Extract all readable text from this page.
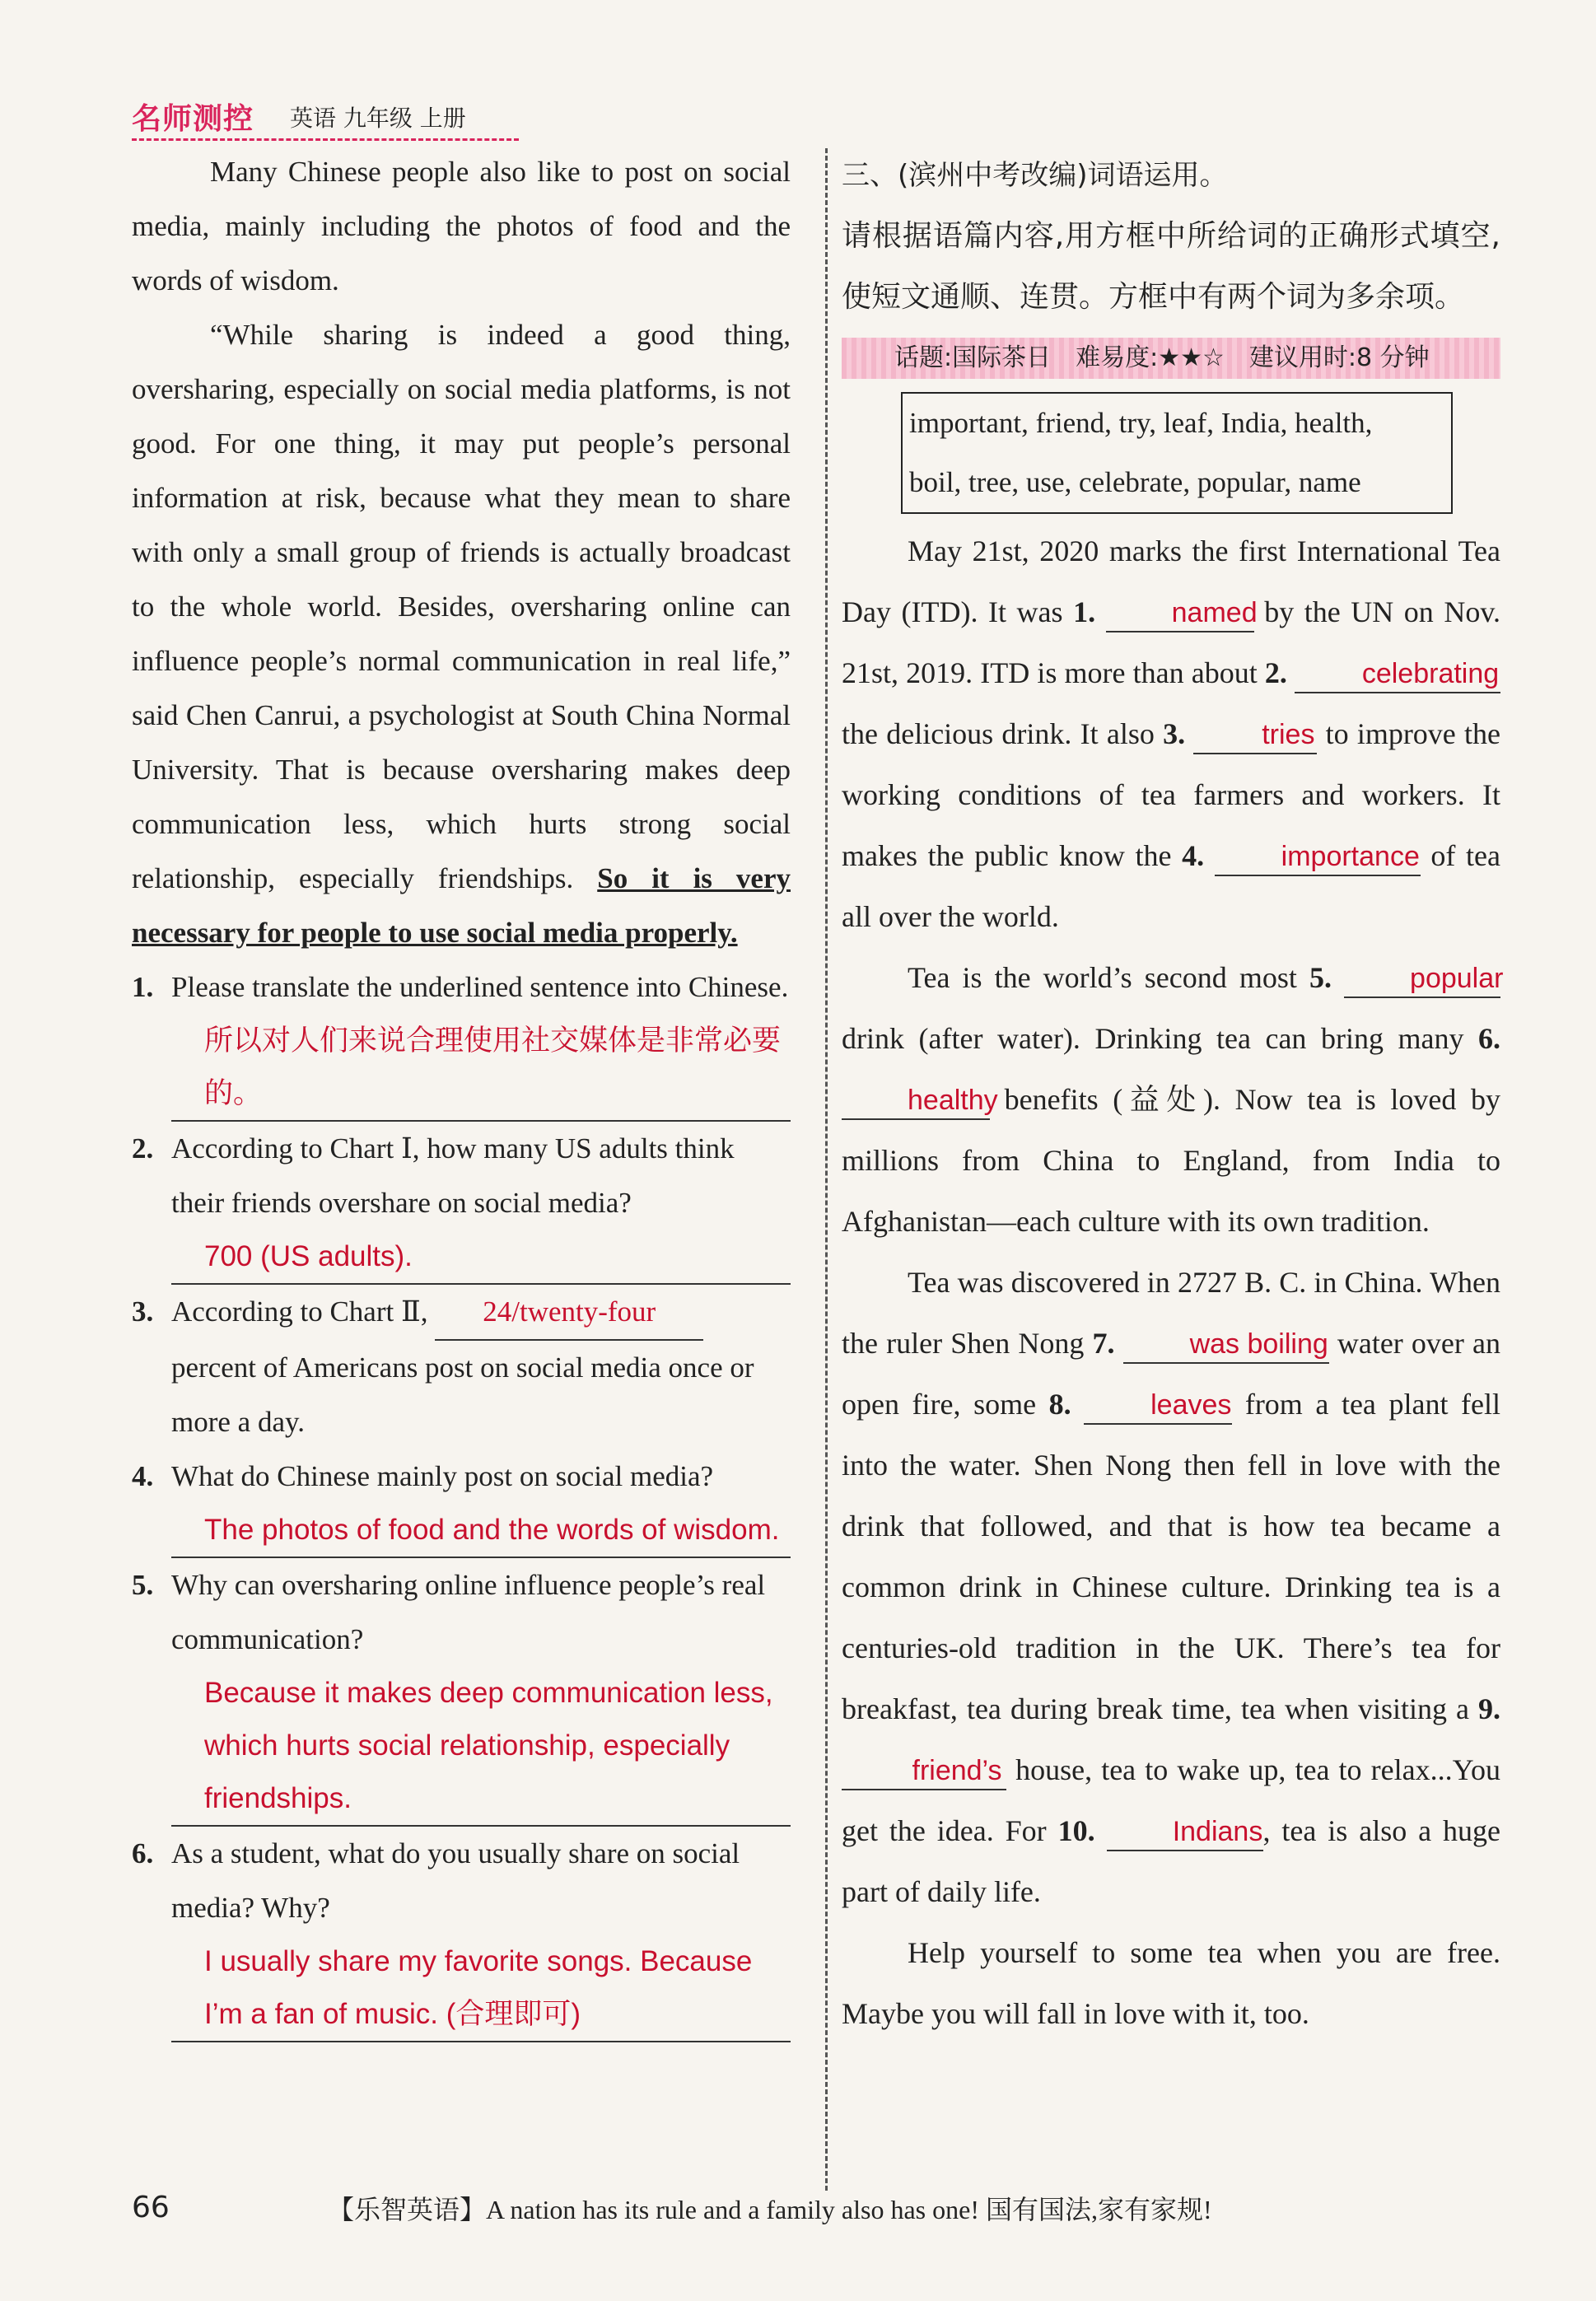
名师测控 英语 九年级 上册

Many Chinese people also like to post on social media, mainly including the photos of food and the words of wisdom.

“While sharing is indeed a good thing, oversharing, especially on social media platforms, is not good. For one thing, it may put people’s personal information at risk, because what they mean to share with only a small group of friends is actually broadcast to the whole world. Besides, oversharing online can influence people’s normal communication in real life,” said Chen Canrui, a psychologist at South China Normal University. That is because oversharing makes deep communication less, which hurts strong social relationship, especially friendships. So it is very necessary for people to use social media properly.

1. Please translate the underlined sentence into Chinese.
所以对人们来说合理使用社交媒体是非常必要的。
2. According to Chart Ⅰ, how many US adults think their friends overshare on social media?
700 (US adults).
3. According to Chart Ⅱ, 24/twenty-four percent of Americans post on social media once or more a day.
4. What do Chinese mainly post on social media?
The photos of food and the words of wisdom.
5. Why can oversharing online influence people’s real communication?
Because it makes deep communication less, which hurts social relationship, especially friendships.
6. As a student, what do you usually share on social media? Why?
I usually share my favorite songs. Because I’m a fan of music. (合理即可)

三、(滨州中考改编)词语运用。

请根据语篇内容,用方框中所给词的正确形式填空,使短文通顺、连贯。方框中有两个词为多余项。

话题:国际茶日　难易度:★★☆　建议用时:8 分钟
important, friend, try, leaf, India, health,
boil, tree, use, celebrate, popular, name

May 21st, 2020 marks the first International Tea Day (ITD). It was 1.	named by the UN on Nov. 21st, 2019. ITD is more than about 2.	celebrating the delicious drink. It also 3.	tries to improve the working conditions of tea farmers and workers. It makes the public know the 4.	importance of tea all over the world.

Tea is the world’s second most 5.	popular drink (after water). Drinking tea can bring many 6. healthy benefits (益处). Now tea is loved by millions from China to England, from India to Afghanistan—each culture with its own tradition.

Tea was discovered in 2727 B. C. in China. When the ruler Shen Nong 7.	was boiling water over an open fire, some 8.	leaves from a tea plant fell into the water. Shen Nong then fell in love with the drink that followed, and that is how tea became a common drink in Chinese culture. Drinking tea is a centuries-old tradition in the UK. There’s tea for breakfast, tea during break time, tea when visiting a 9. friend’s house, tea to wake up, tea to relax...You get the idea. For 10.	Indians, tea is also a huge part of daily life.

Help yourself to some tea when you are free. Maybe you will fall in love with it, too.

66	【乐智英语】A nation has its rule and a family also has one! 国有国法,家有家规!
